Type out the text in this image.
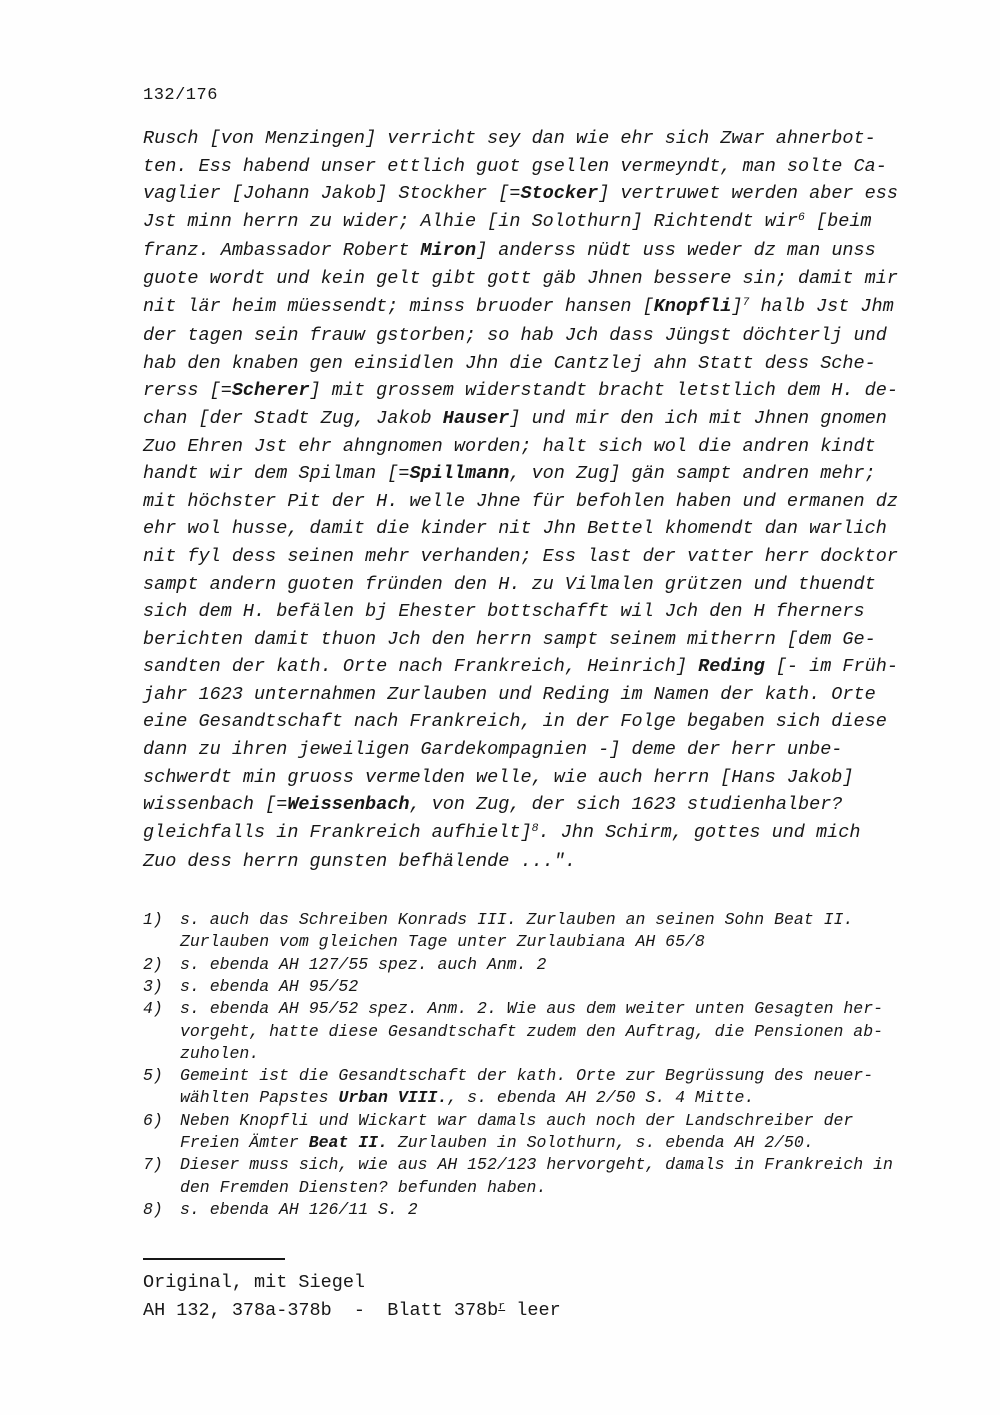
132/176
Rusch [von Menzingen] verricht sey dan wie ehr sich Zwar ahnerbot-
ten. Ess habend unser ettlich guot gsellen vermeyndt, man solte Ca-
vaglier [Johann Jakob] Stockher [=Stocker] vertruwet werden aber ess
Jst minn herrn zu wider; Alhie [in Solothurn] Richtendt wir$^6$ [beim
franz. Ambassador Robert Miron] anderss nüdt uss weder dz man unss
guote wordt und kein gelt gibt gott gäb Jhnen bessere sin; damit mir
nit lär heim müessendt; minss bruoder hansen [Knopfli]$^7$ halb Jst Jhm
der tagen sein frauw gstorben; so hab Jch dass Jüngst döchterlj und
hab den knaben gen einsidlen Jhn die Cantzlej ahn Statt dess Sche-
rerss [=Scherer] mit grossem widerstandt bracht letstlich dem H. de-
chan [der Stadt Zug, Jakob Hauser] und mir den ich mit Jhnen gnomen
Zuo Ehren Jst ehr ahngnomen worden; halt sich wol die andren kindt
handt wir dem Spilman [=Spillmann, von Zug] gän sampt andren mehr;
mit höchster Pit der H. welle Jhne für befohlen haben und ermanen dz
ehr wol husse, damit die kinder nit Jhn Bettel khomendt dan warlich
nit fyl dess seinen mehr verhanden; Ess last der vatter herr docktor
sampt andern guoten fründen den H. zu Vilmalen grützen und thuendt
sich dem H. befälen bj Ehester bottschafft wil Jch den H fherners
berichten damit thuon Jch den herrn sampt seinem mitherrn [dem Ge-
sandten der kath. Orte nach Frankreich, Heinrich] Reding [- im Früh-
jahr 1623 unternahmen Zurlauben und Reding im Namen der kath. Orte
eine Gesandtschaft nach Frankreich, in der Folge begaben sich diese
dann zu ihren jeweiligen Gardekompagnien -] deme der herr unbe-
schwerdt min gruoss vermelden welle, wie auch herrn [Hans Jakob]
wissenbach [=Weissenbach, von Zug, der sich 1623 studienhalber?
gleichfalls in Frankreich aufhielt]$^8$. Jhn Schirm, gottes und mich
Zuo dess herrn gunsten befhälende ...".
1)	s. auch das Schreiben Konrads III. Zurlauben an seinen Sohn Beat II.
Zurlauben vom gleichen Tage unter Zurlaubiana AH 65/8
2)	s. ebenda AH 127/55 spez. auch Anm. 2
3)	s. ebenda AH 95/52
4)	s. ebenda AH 95/52 spez. Anm. 2. Wie aus dem weiter unten Gesagten her-
vorgeht, hatte diese Gesandtschaft zudem den Auftrag, die Pensionen ab-
zuholen.
5)	Gemeint ist die Gesandtschaft der kath. Orte zur Begrüssung des neuer-
wählten Papstes Urban VIII., s. ebenda AH 2/50 S. 4 Mitte.
6)	Neben Knopfli und Wickart war damals auch noch der Landschreiber der
Freien Ämter Beat II. Zurlauben in Solothurn, s. ebenda AH 2/50.
7)	Dieser muss sich, wie aus AH 152/123 hervorgeht, damals in Frankreich in
den Fremden Diensten? befunden haben.
8)	s. ebenda AH 126/11 S. 2
Original, mit Siegel
AH 132, 378a-378b  -  Blatt $378b^r$ leer
